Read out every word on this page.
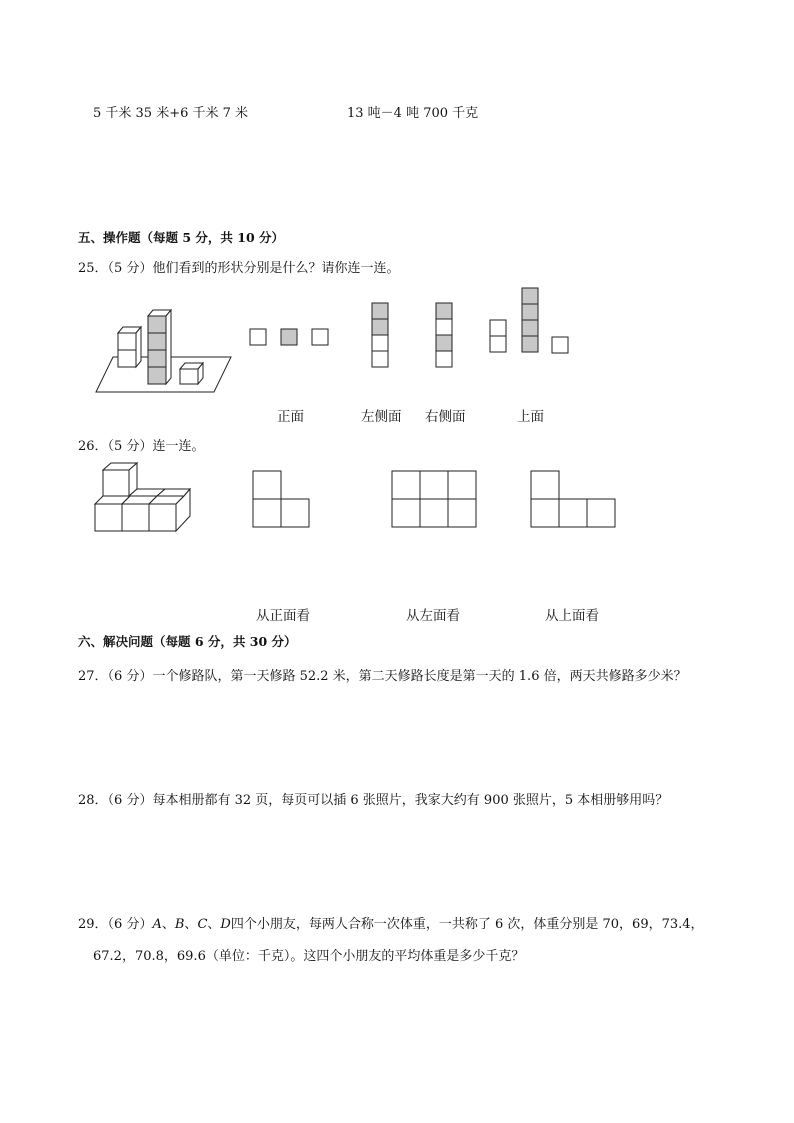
5 千米 35 米+6 千米 7 米	13 吨－4 吨 700 千克
五、操作题（每题 5 分，共 10 分）
25．（5 分）他们看到的形状分别是什么？请你连一连。
正面	左侧面 右侧面	上面
26．（5 分）连一连。
从正面看	从左面看	从上面看
六、解决问题（每题 6 分，共 30 分）
27．（6 分）一个修路队，第一天修路 52.2 米，第二天修路长度是第一天的 1.6 倍，两天共修路多少米？
28．（6 分）每本相册都有 32 页，每页可以插 6 张照片，我家大约有 900 张照片，5 本相册够用吗？
29．（6 分）A、B、C、D四个小朋友，每两人合称一次体重，一共称了 6 次，体重分别是 70，69，73.4，
67.2，70.8，69.6（单位：千克）。这四个小朋友的平均体重是多少千克？
